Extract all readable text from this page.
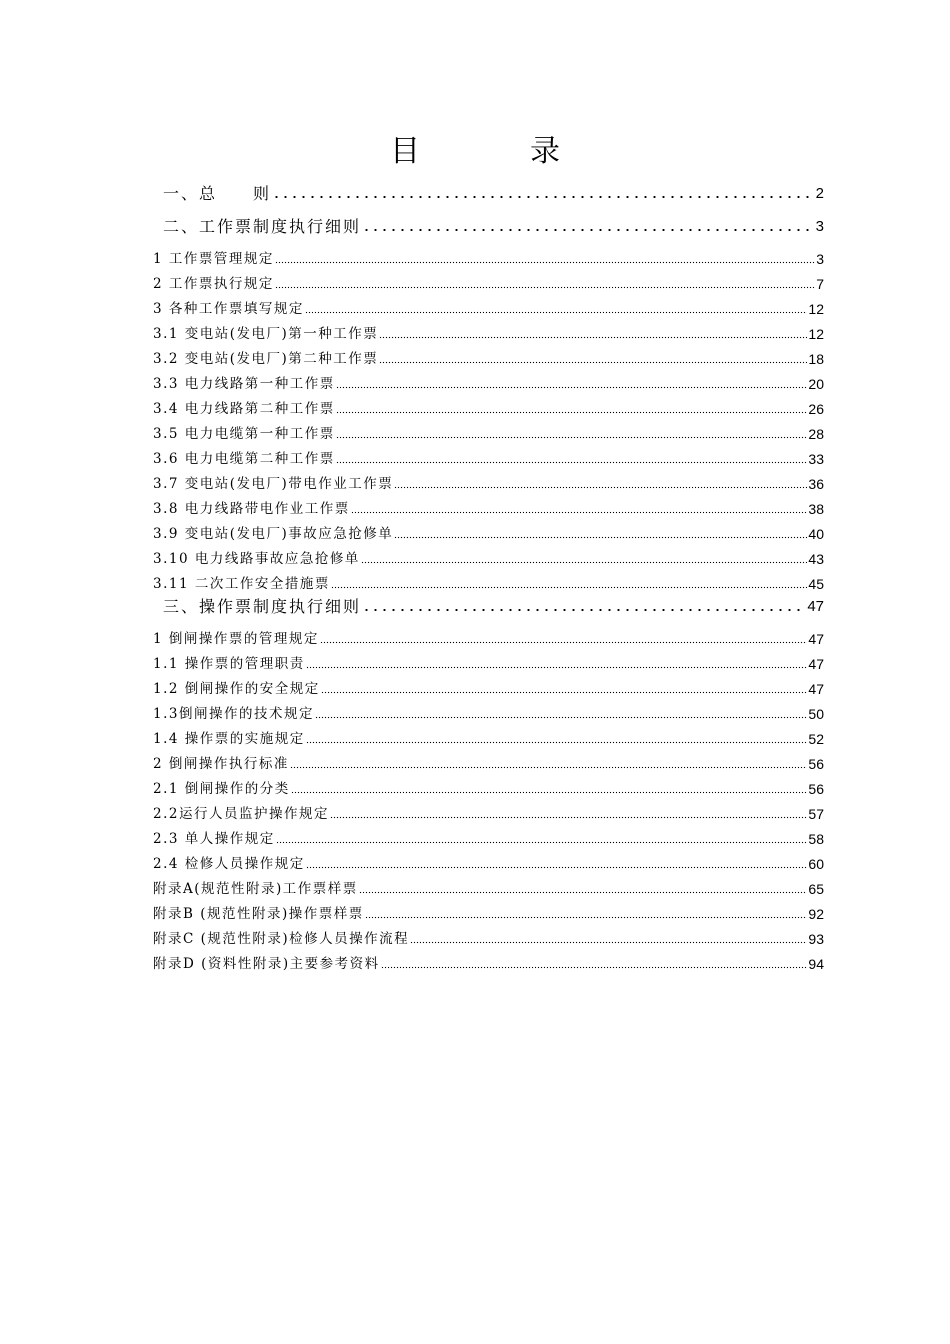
目　录
一、总　　则	2
二、工作票制度执行细则	3
1 工作票管理规定	3
2 工作票执行规定	7
3 各种工作票填写规定	12
3.1 变电站(发电厂)第一种工作票	12
3.2 变电站(发电厂)第二种工作票	18
3.3 电力线路第一种工作票	20
3.4 电力线路第二种工作票	26
3.5 电力电缆第一种工作票	28
3.6 电力电缆第二种工作票	33
3.7 变电站(发电厂)带电作业工作票	36
3.8 电力线路带电作业工作票	38
3.9 变电站(发电厂)事故应急抢修单	40
3.10 电力线路事故应急抢修单	43
3.11 二次工作安全措施票	45
三、操作票制度执行细则	47
1 倒闸操作票的管理规定	47
1.1 操作票的管理职责	47
1.2 倒闸操作的安全规定	47
1.3倒闸操作的技术规定	50
1.4 操作票的实施规定	52
2 倒闸操作执行标准	56
2.1 倒闸操作的分类	56
2.2运行人员监护操作规定	57
2.3 单人操作规定	58
2.4 检修人员操作规定	60
附录A(规范性附录)工作票样票	65
附录B (规范性附录)操作票样票	92
附录C (规范性附录)检修人员操作流程	93
附录D (资料性附录)主要参考资料	94
